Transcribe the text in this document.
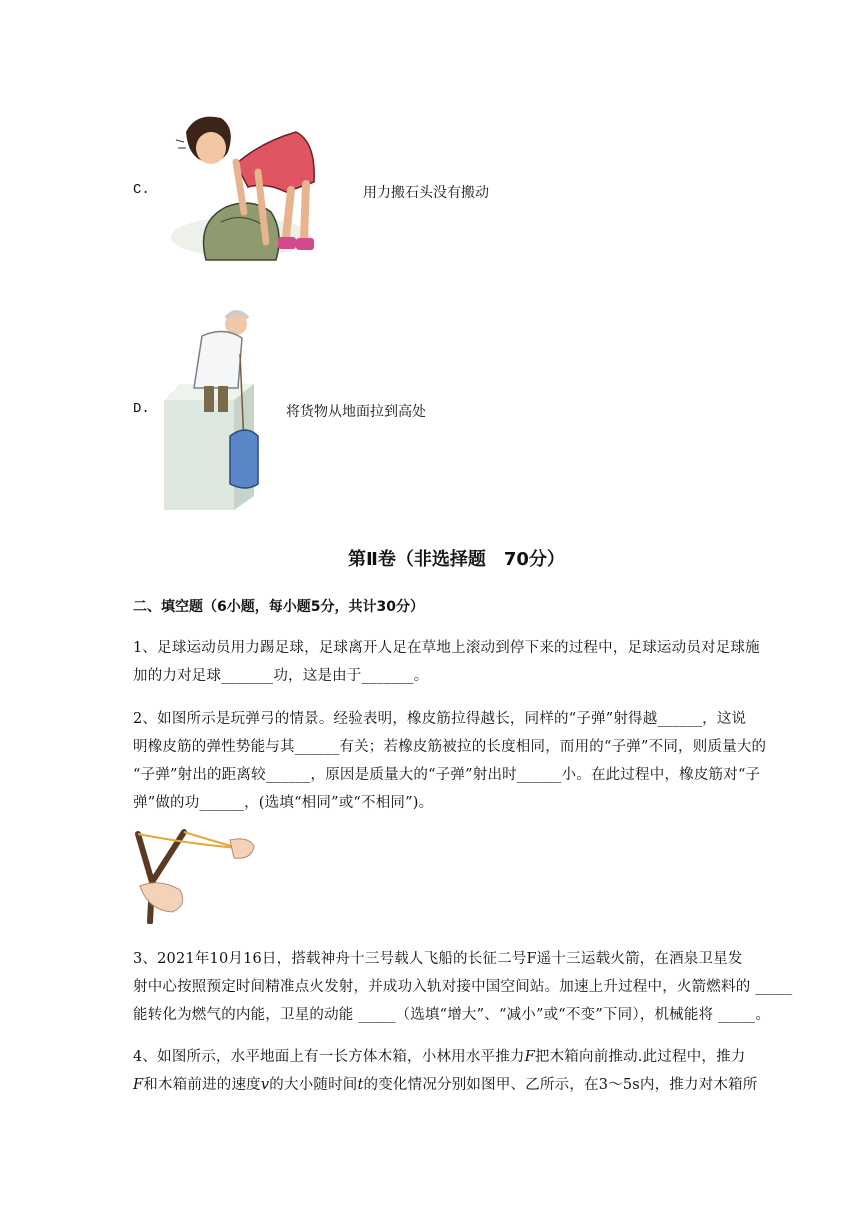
C.	用力搬石头没有搬动
D.	将货物从地面拉到高处
第Ⅱ卷（非选择题　70分）
二、填空题（6小题，每小题5分，共计30分）
1、足球运动员用力踢足球，足球离开人足在草地上滚动到停下来的过程中，足球运动员对足球施
加的力对足球_______功，这是由于_______。
2、如图所示是玩弹弓的情景。经验表明，橡皮筋拉得越长，同样的“子弹”射得越______，这说
明橡皮筋的弹性势能与其______有关；若橡皮筋被拉的长度相同，而用的“子弹”不同，则质量大的
“子弹”射出的距离较______，原因是质量大的“子弹”射出时______小。在此过程中，橡皮筋对“子
弹”做的功______，(选填“相同”或“不相同”)。
3、2021年10月16日，搭载神舟十三号载人飞船的长征二号F遥十三运载火箭，在酒泉卫星发
射中心按照预定时间精准点火发射，并成功入轨对接中国空间站。加速上升过程中，火箭燃料的 _____
能转化为燃气的内能，卫星的动能 _____（选填“增大”、“减小”或“不变”下同），机械能将 _____。
4、如图所示，水平地面上有一长方体木箱，小林用水平推力F把木箱向前推动.此过程中，推力
F和木箱前进的速度v的大小随时间t的变化情况分别如图甲、乙所示，在3～5s内，推力对木箱所
